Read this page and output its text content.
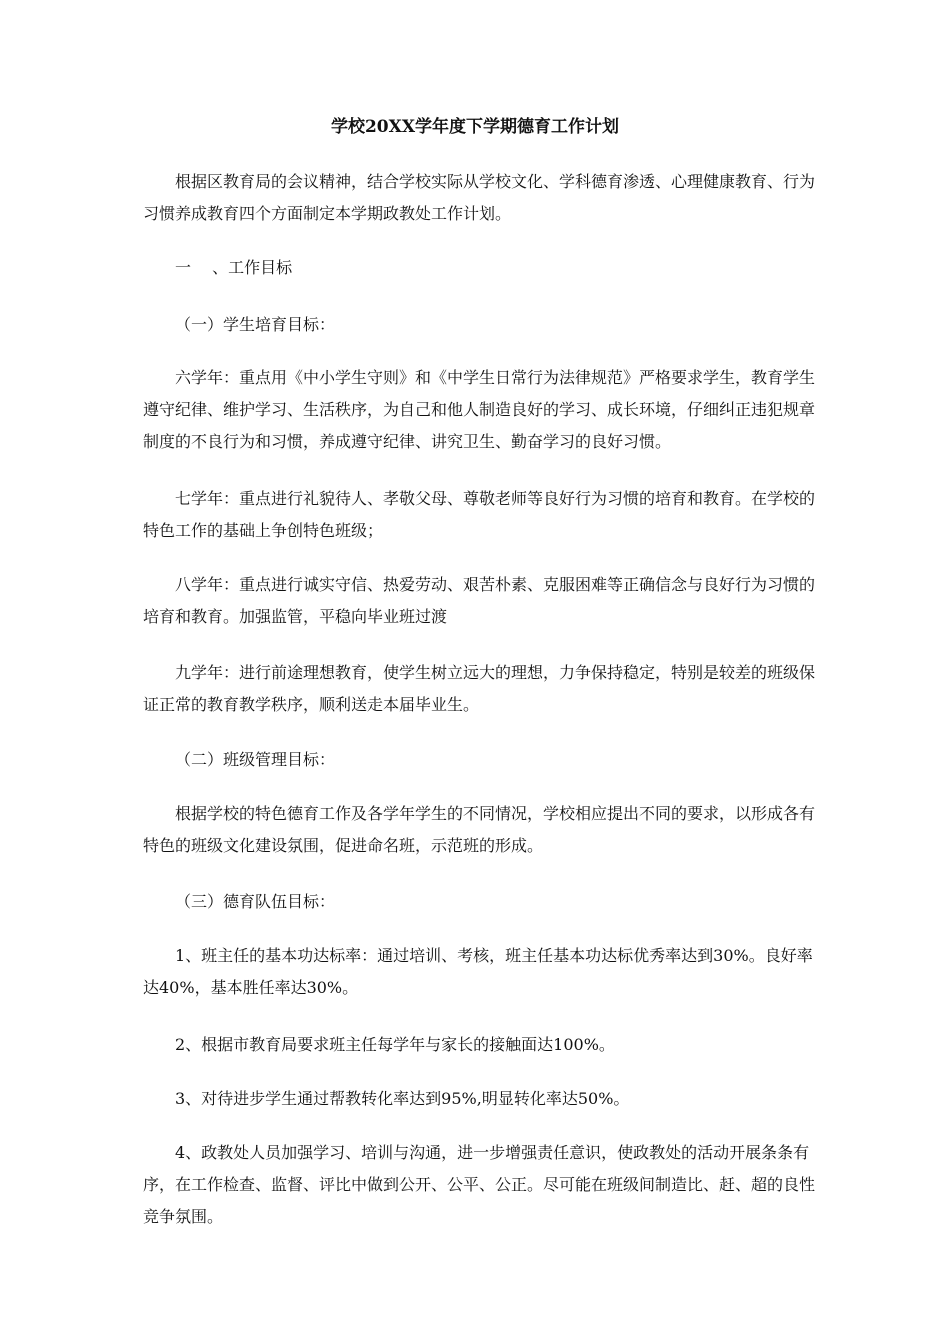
学校20XX学年度下学期德育工作计划

根据区教育局的会议精神，结合学校实际从学校文化、学科德育渗透、心理健康教育、行为习惯养成教育四个方面制定本学期政教处工作计划。

一　 、工作目标

（一）学生培育目标：

六学年：重点用《中小学生守则》和《中学生日常行为法律规范》严格要求学生，教育学生遵守纪律、维护学习、生活秩序，为自己和他人制造良好的学习、成长环境，仔细纠正违犯规章制度的不良行为和习惯，养成遵守纪律、讲究卫生、勤奋学习的良好习惯。

七学年：重点进行礼貌待人、孝敬父母、尊敬老师等良好行为习惯的培育和教育。在学校的特色工作的基础上争创特色班级；

八学年：重点进行诚实守信、热爱劳动、艰苦朴素、克服困难等正确信念与良好行为习惯的培育和教育。加强监管，平稳向毕业班过渡

九学年：进行前途理想教育，使学生树立远大的理想，力争保持稳定，特别是较差的班级保证正常的教育教学秩序，顺利送走本届毕业生。

（二）班级管理目标：

根据学校的特色德育工作及各学年学生的不同情况，学校相应提出不同的要求，以形成各有特色的班级文化建设氛围，促进命名班，示范班的形成。

（三）德育队伍目标：

1、班主任的基本功达标率：通过培训、考核，班主任基本功达标优秀率达到30%。良好率达40%，基本胜任率达30%。

2、根据市教育局要求班主任每学年与家长的接触面达100%。

3、对待进步学生通过帮教转化率达到95%,明显转化率达50%。

4、政教处人员加强学习、培训与沟通，进一步增强责任意识，使政教处的活动开展条条有序，在工作检查、监督、评比中做到公开、公平、公正。尽可能在班级间制造比、赶、超的良性竞争氛围。
